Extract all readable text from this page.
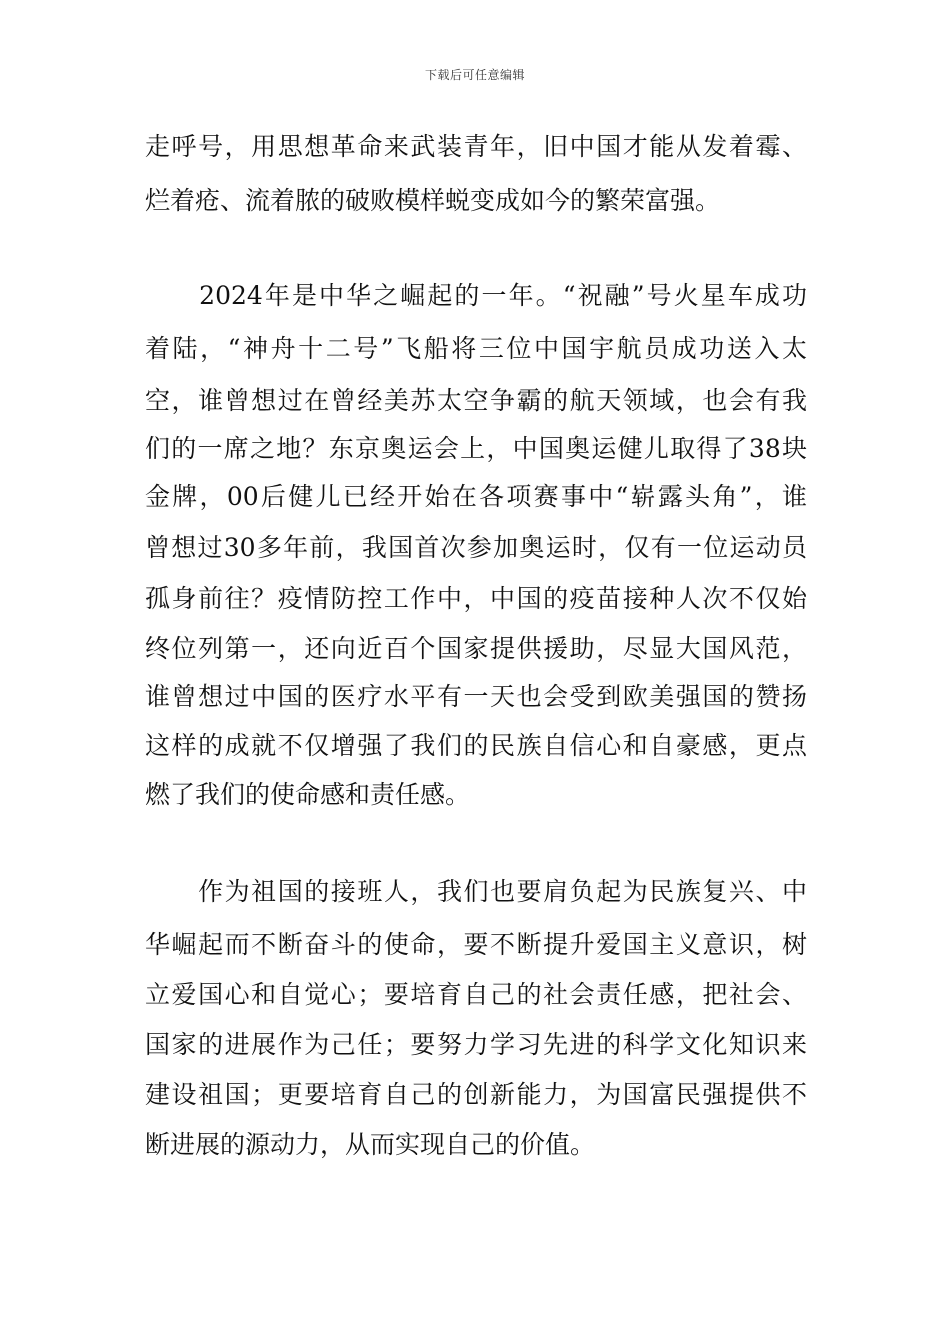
下载后可任意编辑
走呼号，用思想革命来武装青年，旧中国才能从发着霉、
烂着疮、流着脓的破败模样蜕变成如今的繁荣富强。
　　2024年是中华之崛起的一年。“祝融”号火星车成功
着陆，“神舟十二号”飞船将三位中国宇航员成功送入太
空，谁曾想过在曾经美苏太空争霸的航天领域，也会有我
们的一席之地？东京奥运会上，中国奥运健儿取得了38块
金牌，00后健儿已经开始在各项赛事中“崭露头角”，谁
曾想过30多年前，我国首次参加奥运时，仅有一位运动员
孤身前往？疫情防控工作中，中国的疫苗接种人次不仅始
终位列第一，还向近百个国家提供援助，尽显大国风范，
谁曾想过中国的医疗水平有一天也会受到欧美强国的赞扬
这样的成就不仅增强了我们的民族自信心和自豪感，更点
燃了我们的使命感和责任感。
　　作为祖国的接班人，我们也要肩负起为民族复兴、中
华崛起而不断奋斗的使命，要不断提升爱国主义意识，树
立爱国心和自觉心；要培育自己的社会责任感，把社会、
国家的进展作为己任；要努力学习先进的科学文化知识来
建设祖国；更要培育自己的创新能力，为国富民强提供不
断进展的源动力，从而实现自己的价值。
